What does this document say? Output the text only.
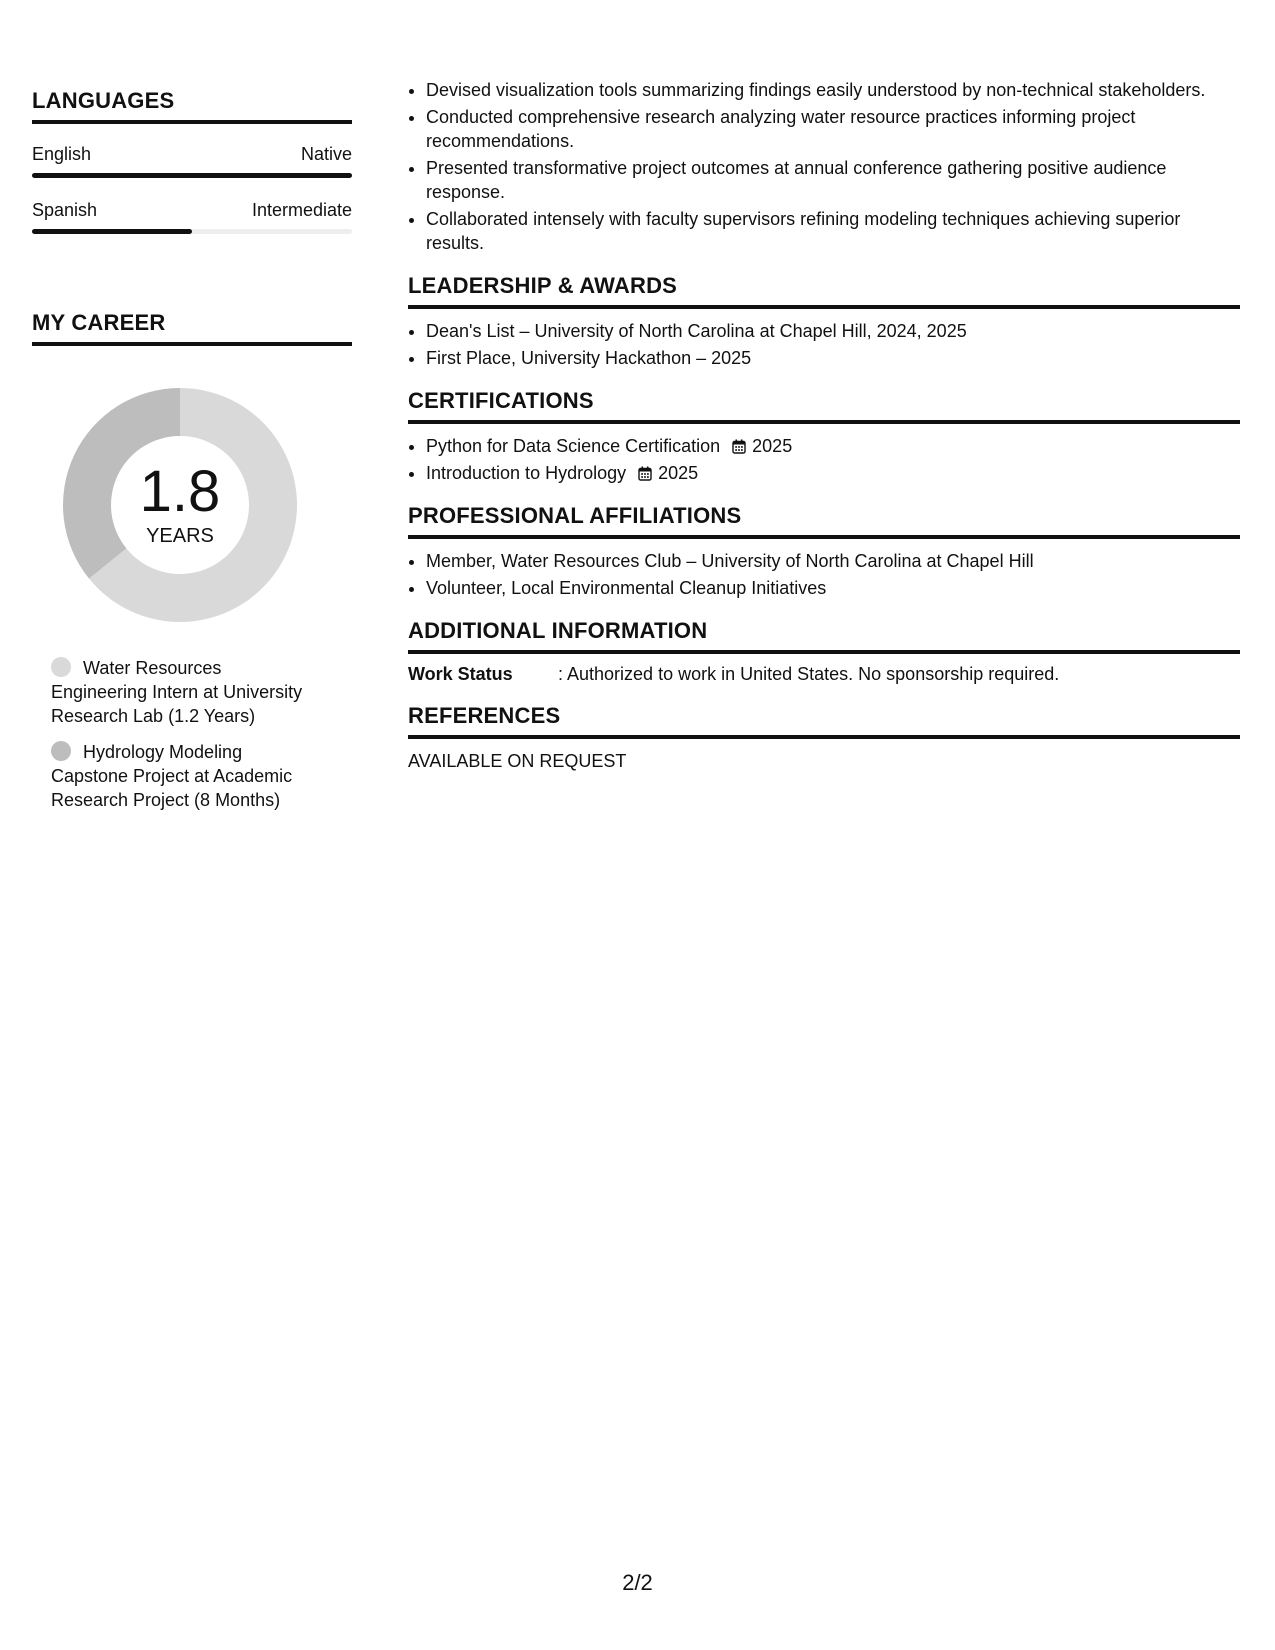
LANGUAGES
English	Native
Spanish	Intermediate
MY CAREER
1.8
YEARS
Water Resources Engineering Intern at University Research Lab (1.2 Years)
Hydrology Modeling Capstone Project at Academic Research Project (8 Months)
• Devised visualization tools summarizing findings easily understood by non-technical stakeholders.
• Conducted comprehensive research analyzing water resource practices informing project recommendations.
• Presented transformative project outcomes at annual conference gathering positive audience response.
• Collaborated intensely with faculty supervisors refining modeling techniques achieving superior results.
LEADERSHIP & AWARDS
• Dean's List – University of North Carolina at Chapel Hill, 2024, 2025
• First Place, University Hackathon – 2025
CERTIFICATIONS
• Python for Data Science Certification 2025
• Introduction to Hydrology 2025
PROFESSIONAL AFFILIATIONS
• Member, Water Resources Club – University of North Carolina at Chapel Hill
• Volunteer, Local Environmental Cleanup Initiatives
ADDITIONAL INFORMATION
Work Status	: Authorized to work in United States. No sponsorship required.
REFERENCES
AVAILABLE ON REQUEST
2/2
